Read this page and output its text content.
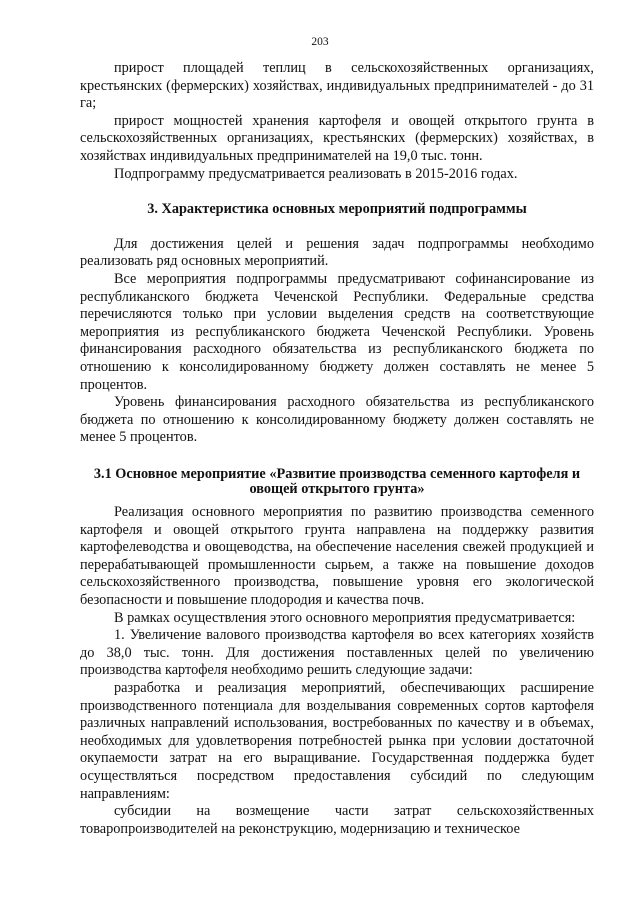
203

прирост площадей теплиц в сельскохозяйственных организациях, крестьянских (фермерских) хозяйствах, индивидуальных предпринимателей - до 31 га;

прирост мощностей хранения картофеля и овощей открытого грунта в сельскохозяйственных организациях, крестьянских (фермерских) хозяйствах, в хозяйствах индивидуальных предпринимателей на 19,0 тыс. тонн.

Подпрограмму предусматривается реализовать в 2015-2016 годах.

3. Характеристика основных мероприятий подпрограммы

Для достижения целей и решения задач подпрограммы необходимо реализовать ряд основных мероприятий.

Все мероприятия подпрограммы предусматривают софинансирование из республиканского бюджета Чеченской Республики. Федеральные средства перечисляются только при условии выделения средств на соответствующие мероприятия из республиканского бюджета Чеченской Республики. Уровень финансирования расходного обязательства из республиканского бюджета по отношению к консолидированному бюджету должен составлять не менее 5 процентов.

Уровень финансирования расходного обязательства из республиканского бюджета по отношению к консолидированному бюджету должен составлять не менее 5 процентов.

3.1 Основное мероприятие «Развитие производства семенного картофеля и овощей открытого грунта»

Реализация основного мероприятия по развитию производства семенного картофеля и овощей открытого грунта направлена на поддержку развития картофелеводства и овощеводства, на обеспечение населения свежей продукцией и перерабатывающей промышленности сырьем, а также на повышение доходов сельскохозяйственного производства, повышение уровня его экологической безопасности и повышение плодородия и качества почв.

В рамках осуществления этого основного мероприятия предусматривается:

1. Увеличение валового производства картофеля во всех категориях хозяйств до 38,0 тыс. тонн. Для достижения поставленных целей по увеличению производства картофеля необходимо решить следующие задачи:

разработка и реализация мероприятий, обеспечивающих расширение производственного потенциала для возделывания современных сортов картофеля различных направлений использования, востребованных по качеству и в объемах, необходимых для удовлетворения потребностей рынка при условии достаточной окупаемости затрат на его выращивание. Государственная поддержка будет осуществляться посредством предоставления субсидий по следующим направлениям:

субсидии на возмещение части затрат сельскохозяйственных товаропроизводителей на реконструкцию, модернизацию и техническое
